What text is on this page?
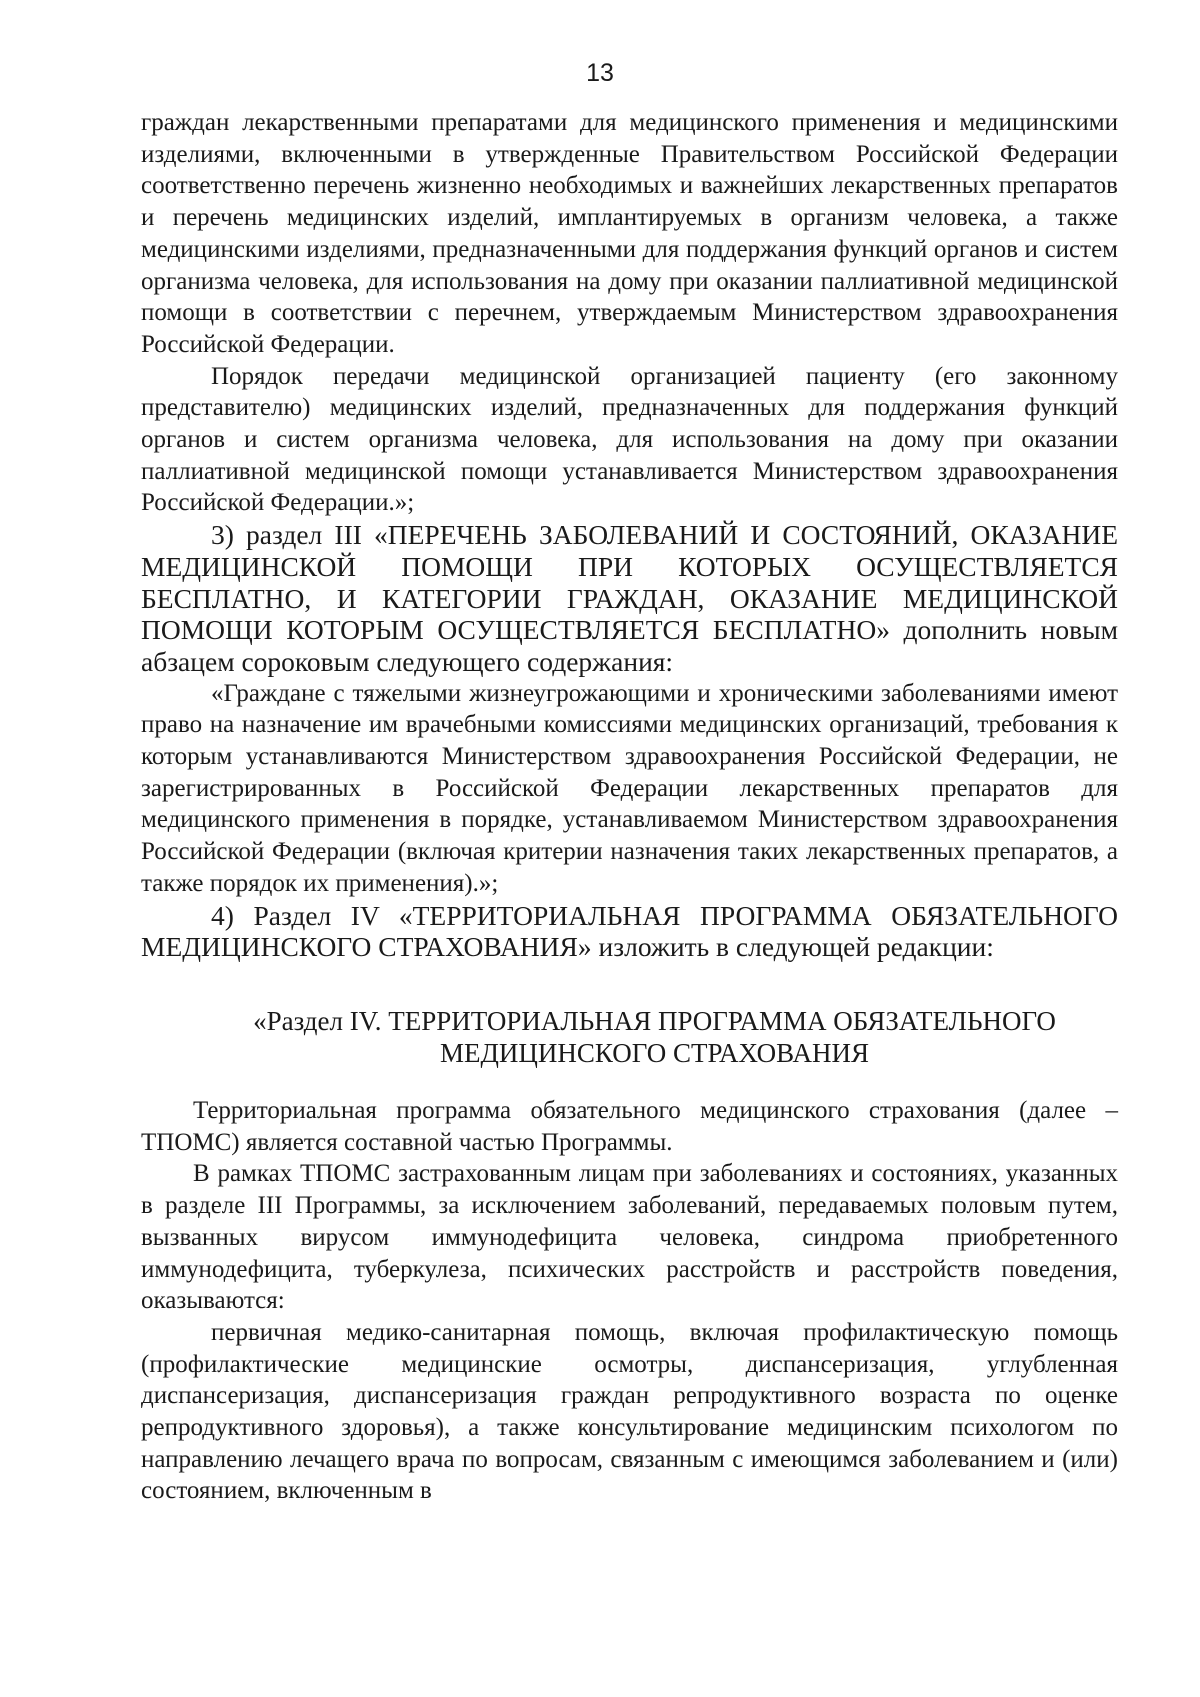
13

граждан лекарственными препаратами для медицинского применения и медицинскими изделиями, включенными в утвержденные Правительством Российской Федерации соответственно перечень жизненно необходимых и важнейших лекарственных препаратов и перечень медицинских изделий, имплантируемых в организм человека, а также медицинскими изделиями, предназначенными для поддержания функций органов и систем организма человека, для использования на дому при оказании паллиативной медицинской помощи в соответствии с перечнем, утверждаемым Министерством здравоохранения Российской Федерации.

Порядок передачи медицинской организацией пациенту (его законному представителю) медицинских изделий, предназначенных для поддержания функций органов и систем организма человека, для использования на дому при оказании паллиативной медицинской помощи устанавливается Министерством здравоохранения Российской Федерации.»;

3) раздел III «ПЕРЕЧЕНЬ ЗАБОЛЕВАНИЙ И СОСТОЯНИЙ, ОКАЗАНИЕ МЕДИЦИНСКОЙ ПОМОЩИ ПРИ КОТОРЫХ ОСУЩЕСТВЛЯЕТСЯ БЕСПЛАТНО, И КАТЕГОРИИ ГРАЖДАН, ОКАЗАНИЕ МЕДИЦИНСКОЙ ПОМОЩИ КОТОРЫМ ОСУЩЕСТВЛЯЕТСЯ БЕСПЛАТНО» дополнить новым абзацем сороковым следующего содержания:

«Граждане с тяжелыми жизнеугрожающими и хроническими заболеваниями имеют право на назначение им врачебными комиссиями медицинских организаций, требования к которым устанавливаются Министерством здравоохранения Российской Федерации, не зарегистрированных в Российской Федерации лекарственных препаратов для медицинского применения в порядке, устанавливаемом Министерством здравоохранения Российской Федерации (включая критерии назначения таких лекарственных препаратов, а также порядок их применения).»;

4) Раздел IV «ТЕРРИТОРИАЛЬНАЯ ПРОГРАММА ОБЯЗАТЕЛЬНОГО МЕДИЦИНСКОГО СТРАХОВАНИЯ» изложить в следующей редакции:

«Раздел IV. ТЕРРИТОРИАЛЬНАЯ ПРОГРАММА ОБЯЗАТЕЛЬНОГО
МЕДИЦИНСКОГО СТРАХОВАНИЯ

Территориальная программа обязательного медицинского страхования (далее – ТПОМС) является составной частью Программы.

В рамках ТПОМС застрахованным лицам при заболеваниях и состояниях, указанных в разделе III Программы, за исключением заболеваний, передаваемых половым путем, вызванных вирусом иммунодефицита человека, синдрома приобретенного иммунодефицита, туберкулеза, психических расстройств и расстройств поведения, оказываются:

первичная медико-санитарная помощь, включая профилактическую помощь (профилактические медицинские осмотры, диспансеризация, углубленная диспансеризация, диспансеризация граждан репродуктивного возраста по оценке репродуктивного здоровья), а также консультирование медицинским психологом по направлению лечащего врача по вопросам, связанным с имеющимся заболеванием и (или) состоянием, включенным в
